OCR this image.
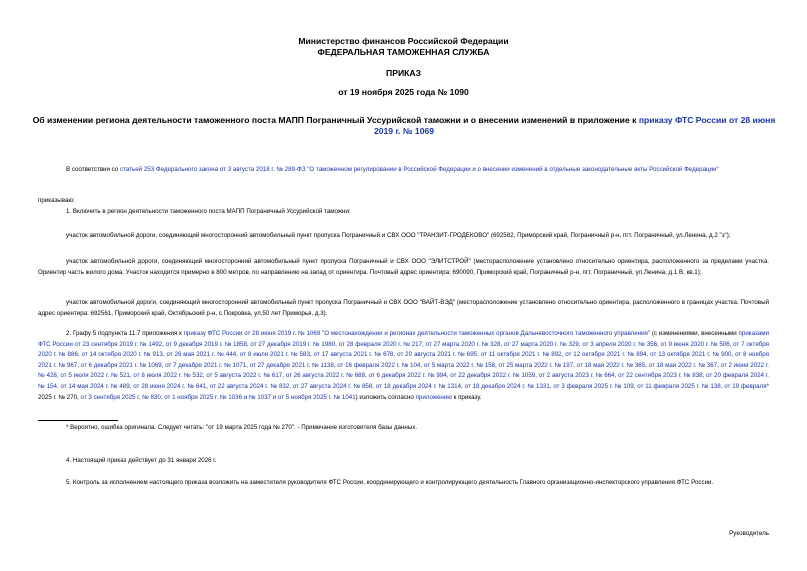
Министерство финансов Российской Федерации
ФЕДЕРАЛЬНАЯ ТАМОЖЕННАЯ СЛУЖБА
ПРИКАЗ
от 19 ноября 2025 года № 1090
Об изменении региона деятельности таможенного поста МАПП Пограничный Уссурийской таможни и о внесении изменений в приложение к приказу ФТС России от 28 июня 2019 г. № 1069
В соответствии со статьей 253 Федерального закона от 3 августа 2018 г. № 289-ФЗ "О таможенном регулировании в Российской Федерации и о внесении изменений в отдельные законодательные акты Российской Федерации"
приказываю:
1. Включить в регион деятельности таможенного поста МАПП Пограничный Уссурийской таможни:
участок автомобильной дороги, соединяющий многосторонний автомобильный пункт пропуска Пограничный и СВХ ООО "ТРАНЗИТ-ГРОДЕКОВО" (692582, Приморский край, Пограничный р-н, пгт. Пограничный, ул.Ленина, д.2 "з");
участок автомобильной дороги, соединяющий многосторонний автомобильный пункт пропуска Пограничный и СВХ ООО "ЭЛИТСТРОЙ" (месторасположение установлено относительно ориентира, расположенного за пределами участка. Ориентир часть жилого дома. Участок находится примерно в 800 метров, по направлению на запад от ориентира. Почтовый адрес ориентира: 690090, Приморский край, Пограничный р-н, пгт. Пограничный, ул.Ленина, д.1 В, кв.1);
участок автомобильной дороги, соединяющий многосторонний автомобильный пункт пропуска Пограничный и СВХ ООО "ВАЙТ-ВЭД" (месторасположение установлено относительно ориентира, расположенного в границах участка. Почтовый адрес ориентира: 692561, Приморский край, Октябрьский р-н, с.Покровка, ул.50 лет Приморья, д.3).
2. Графу 5 подпункта 11.7 приложения к приказу ФТС России от 28 июня 2019 г. № 1069 "О местонахождении и регионах деятельности таможенных органов Дальневосточного таможенного управления" (с изменениями, внесенными приказами ФТС России от 23 сентября 2019 г. № 1492, от 9 декабря 2019 г. № 1858, от 27 декабря 2019 г. № 1980, от 28 февраля 2020 г. № 217, от 27 марта 2020 г. № 328, от 27 марта 2020 г. № 329, от 3 апреля 2020 г. № 356, от 9 июня 2020 г. № 506, от 7 октября 2020 г. № 886, от 14 октября 2020 г. № 913, от 26 мая 2021 г. № 444, от 8 июля 2021 г. № 583, от 17 августа 2021 г. № 678, от 20 августа 2021 г. № 695, от 11 октября 2021 г. № 892, от 12 октября 2021 г. № 894, от 13 октября 2021 г. № 900, от 8 ноября 2021 г. № 967, от 6 декабря 2021 г. № 1069, от 7 декабря 2021 г. № 1071, от 27 декабря 2021 г. № 1138, от 16 февраля 2022 г. № 104, от 5 марта 2022 г. № 158, от 25 марта 2022 г. № 197, от 18 мая 2022 г. № 365, от 18 мая 2022 г. № 367, от 2 июня 2022 г. № 428, от 5 июля 2022 г. № 521, от 8 июля 2022 г. № 532, от 5 августа 2022 г. № 617, от 26 августа 2022 г. № 688, от 6 декабря 2022 г. № 994, от 22 декабря 2022 г. № 1059, от 2 августа 2023 г. № 664, от 22 сентября 2023 г. № 838, от 20 февраля 2024 г. № 154, от 14 мая 2024 г. № 489, от 28 июня 2024 г. № 641, от 22 августа 2024 г. № 832, от 27 августа 2024 г. № 858, от 18 декабря 2024 г. № 1314, от 18 декабря 2024 г. № 1331, от 3 февраля 2025 г. № 109, от 11 февраля 2025 г. № 138, от 19 февраля* 2025 г. № 270, от 3 сентября 2025 г. № 830, от 1 ноября 2025 г. № 1036 и № 1037 и от 5 ноября 2025 г. № 1041) изложить согласно приложению к приказу.
* Вероятно, ошибка оригинала. Следует читать: "от 19 марта 2025 года № 270". - Примечание изготовителя базы данных.
4. Настоящий приказ действует до 31 января 2026 г.
5. Контроль за исполнением настоящего приказа возложить на заместителя руководителя ФТС России, координирующего и контролирующего деятельность Главного организационно-инспекторского управления ФТС России.
Руководитель
